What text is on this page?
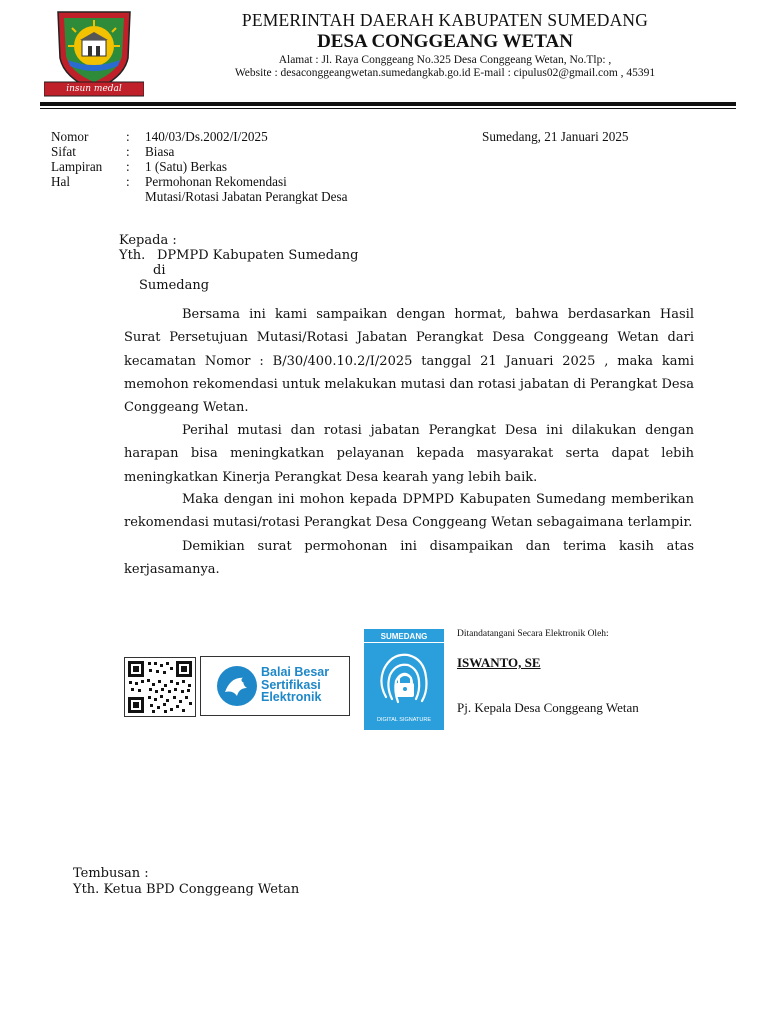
insun medal
PEMERINTAH DAERAH KABUPATEN SUMEDANG
DESA CONGGEANG WETAN
Alamat : Jl. Raya Conggeang No.325 Desa Conggeang Wetan, No.Tlp: ,
Website : desaconggeangwetan.sumedangkab.go.id E-mail : cipulus02@gmail.com , 45391
Nomor	: 140/03/Ds.2002/I/2025	Sumedang, 21 Januari 2025
Sifat	: Biasa
Lampiran : 1 (Satu) Berkas
Hal	: Permohonan Rekomendasi
Mutasi/Rotasi Jabatan Perangkat Desa
Kepada :
Yth. DPMPD Kabupaten Sumedang
di
Sumedang
Bersama ini kami sampaikan dengan hormat, bahwa berdasarkan Hasil Surat Persetujuan Mutasi/Rotasi Jabatan Perangkat Desa Conggeang Wetan dari kecamatan Nomor : B/30/400.10.2/I/2025 tanggal 21 Januari 2025 , maka kami memohon rekomendasi untuk melakukan mutasi dan rotasi jabatan di Perangkat Desa Conggeang Wetan.
Perihal mutasi dan rotasi jabatan Perangkat Desa ini dilakukan dengan harapan bisa meningkatkan pelayanan kepada masyarakat serta dapat lebih meningkatkan Kinerja Perangkat Desa kearah yang lebih baik.
Maka dengan ini mohon kepada DPMPD Kabupaten Sumedang memberikan rekomendasi mutasi/rotasi Perangkat Desa Conggeang Wetan sebagaimana terlampir.
Demikian surat permohonan ini disampaikan dan terima kasih atas kerjasamanya.
Balai Besar
Sertifikasi
Elektronik
SUMEDANG
DIGITAL SIGNATURE
Ditandatangani Secara Elektronik Oleh:
ISWANTO, SE
Pj. Kepala Desa Conggeang Wetan
Tembusan :
Yth. Ketua BPD Conggeang Wetan
